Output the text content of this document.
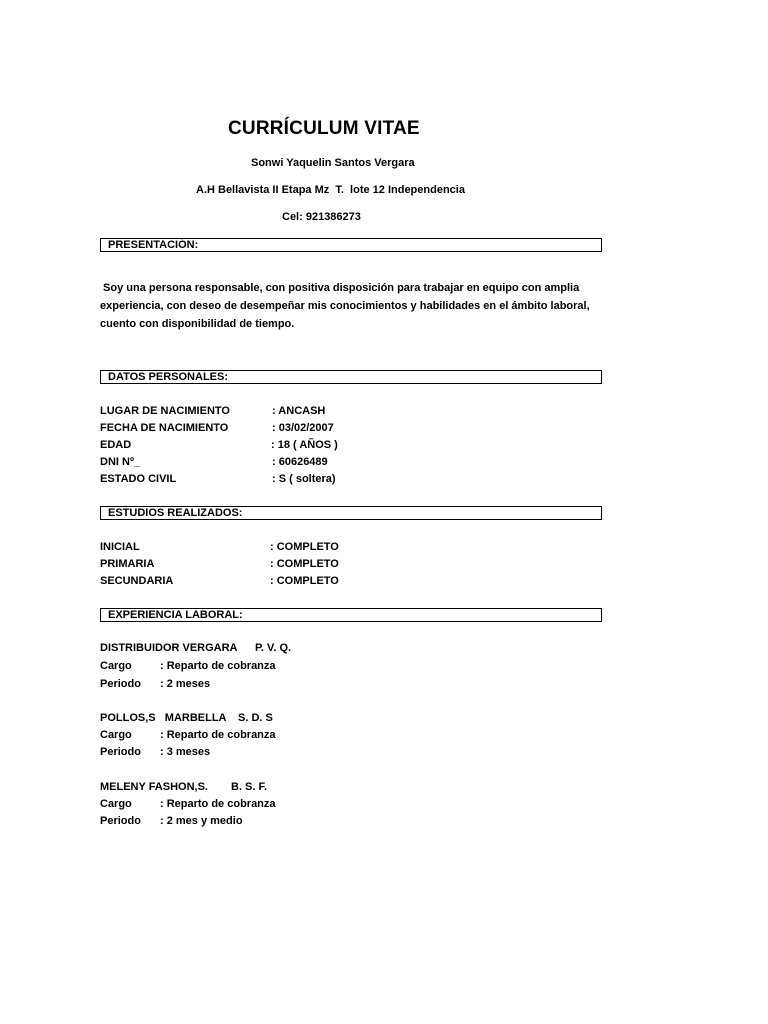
CURRÍCULUM VITAE
Sonwi Yaquelin Santos Vergara
A.H Bellavista II Etapa Mz  T.  lote 12 Independencia
Cel: 921386273
PRESENTACIÓN:
Soy una persona responsable, con positiva disposición para trabajar en equipo con amplia
experiencia, con deseo de desempeñar mis conocimientos y habilidades en el ámbito laboral,
cuento con disponibilidad de tiempo.
DATOS PERSONALES:
LUGAR DE NACIMIENTO	: ANCASH
FECHA DE NACIMIENTO	: 03/02/2007
EDAD	: 18 ( AÑOS )
DNI Nº_	: 60626489
ESTADO CIVIL	: S ( soltera)
ESTUDIOS REALIZADOS:
INICIAL	: COMPLETO
PRIMARIA	: COMPLETO
SECUNDARIA	: COMPLETO
EXPERIENCIA LABORAL:
DISTRIBUIDOR VERGARA P. V. Q.
Cargo	: Reparto de cobranza
Periodo : 2 meses
POLLOS,S   MARBELLA S. D. S
Cargo	: Reparto de cobranza
Periodo : 3 meses
MELENY FASHON,S. B. S. F.
Cargo	: Reparto de cobranza
Periodo : 2 mes y medio
